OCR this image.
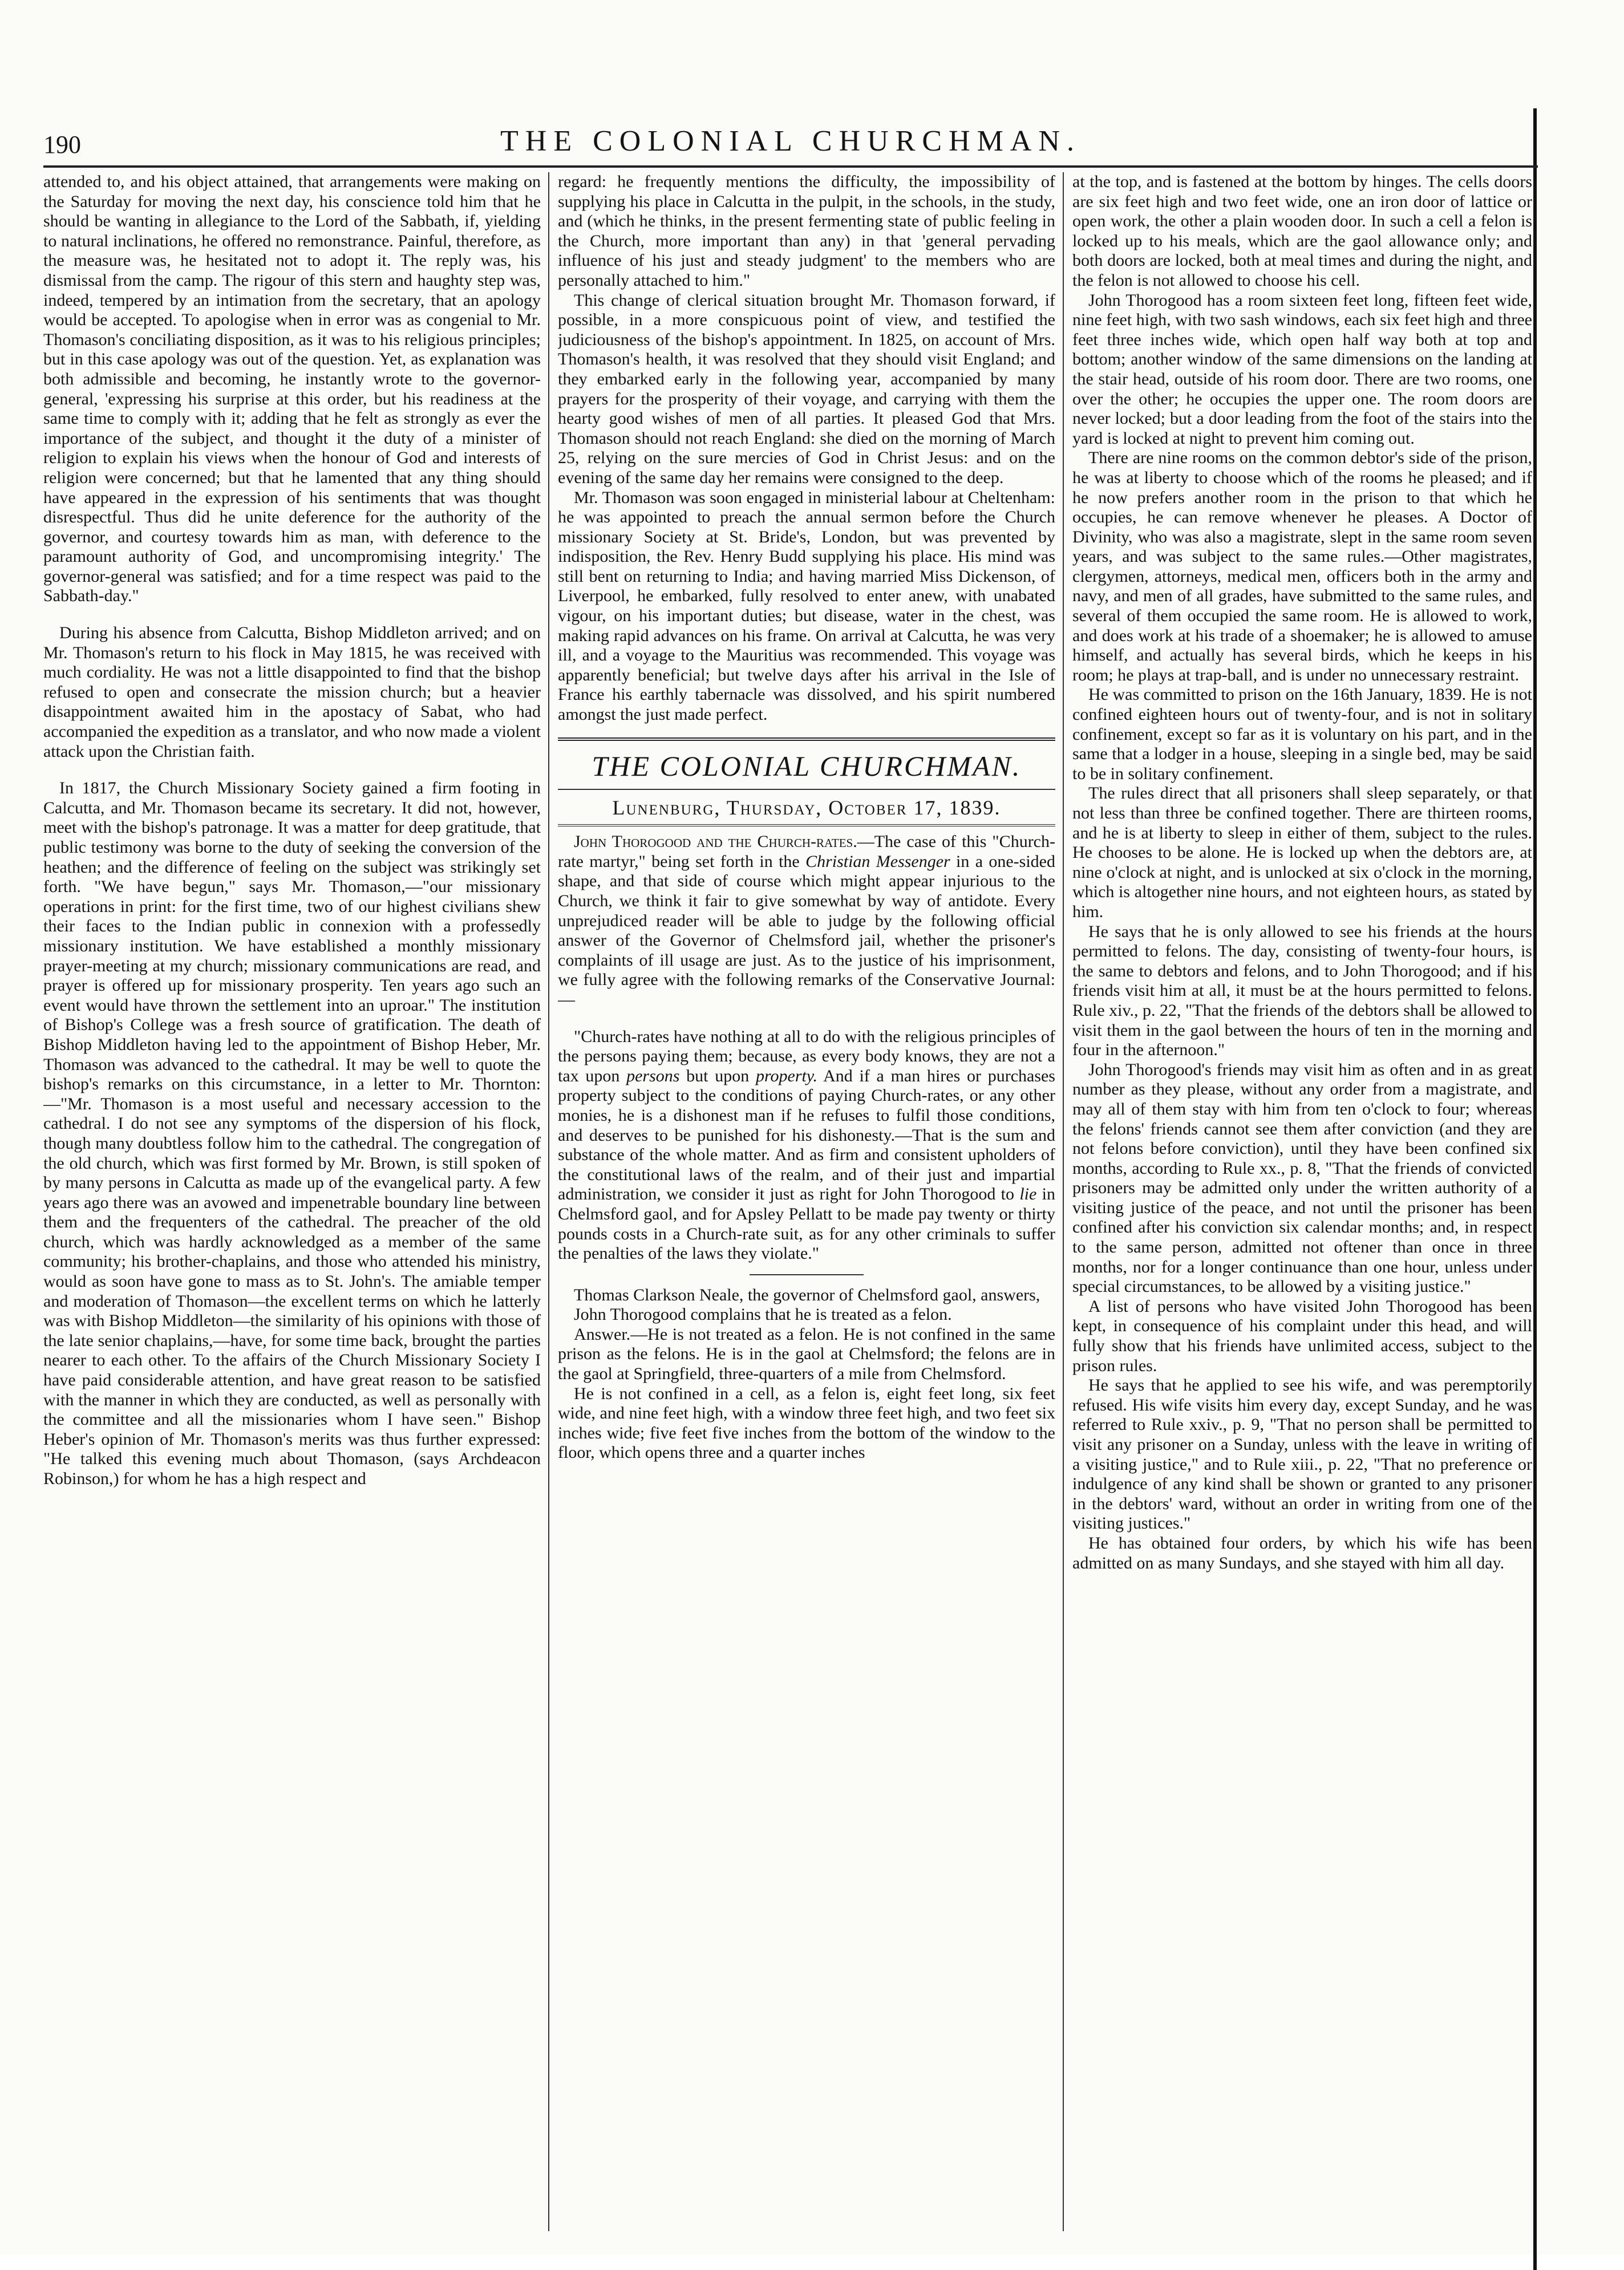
190	THE COLONIAL CHURCHMAN.

attended to, and his object attained, that arrangements were making on the Saturday for moving the next day, his conscience told him that he should be wanting in allegiance to the Lord of the Sabbath, if, yielding to natural inclinations, he offered no remonstrance. Painful, therefore, as the measure was, he hesitated not to adopt it. The reply was, his dismissal from the camp. The rigour of this stern and haughty step was, indeed, tempered by an intimation from the secretary, that an apology would be accepted. To apologise when in error was as congenial to Mr. Thomason's conciliating disposition, as it was to his religious principles; but in this case apology was out of the question. Yet, as explanation was both admissible and becoming, he instantly wrote to the governor-general, 'expressing his surprise at this order, but his readiness at the same time to comply with it; adding that he felt as strongly as ever the importance of the subject, and thought it the duty of a minister of religion to explain his views when the honour of God and interests of religion were concerned; but that he lamented that any thing should have appeared in the expression of his sentiments that was thought disrespectful. Thus did he unite deference for the authority of the governor, and courtesy towards him as man, with deference to the paramount authority of God, and uncompromising integrity.' The governor-general was satisfied; and for a time respect was paid to the Sabbath-day."

During his absence from Calcutta, Bishop Middleton arrived; and on Mr. Thomason's return to his flock in May 1815, he was received with much cordiality. He was not a little disappointed to find that the bishop refused to open and consecrate the mission church; but a heavier disappointment awaited him in the apostacy of Sabat, who had accompanied the expedition as a translator, and who now made a violent attack upon the Christian faith.

In 1817, the Church Missionary Society gained a firm footing in Calcutta, and Mr. Thomason became its secretary. It did not, however, meet with the bishop's patronage. It was a matter for deep gratitude, that public testimony was borne to the duty of seeking the conversion of the heathen; and the difference of feeling on the subject was strikingly set forth. "We have begun," says Mr. Thomason,—"our missionary operations in print: for the first time, two of our highest civilians shew their faces to the Indian public in connexion with a professedly missionary institution. We have established a monthly missionary prayer-meeting at my church; missionary communications are read, and prayer is offered up for missionary prosperity. Ten years ago such an event would have thrown the settlement into an uproar." The institution of Bishop's College was a fresh source of gratification. The death of Bishop Middleton having led to the appointment of Bishop Heber, Mr. Thomason was advanced to the cathedral. It may be well to quote the bishop's remarks on this circumstance, in a letter to Mr. Thornton:—"Mr. Thomason is a most useful and necessary accession to the cathedral. I do not see any symptoms of the dispersion of his flock, though many doubtless follow him to the cathedral. The congregation of the old church, which was first formed by Mr. Brown, is still spoken of by many persons in Calcutta as made up of the evangelical party. A few years ago there was an avowed and impenetrable boundary line between them and the frequenters of the cathedral. The preacher of the old church, which was hardly acknowledged as a member of the same community; his brother-chaplains, and those who attended his ministry, would as soon have gone to mass as to St. John's. The amiable temper and moderation of Thomason—the excellent terms on which he latterly was with Bishop Middleton—the similarity of his opinions with those of the late senior chaplains,—have, for some time back, brought the parties nearer to each other. To the affairs of the Church Missionary Society I have paid considerable attention, and have great reason to be satisfied with the manner in which they are conducted, as well as personally with the committee and all the missionaries whom I have seen." Bishop Heber's opinion of Mr. Thomason's merits was thus further expressed: "He talked this evening much about Thomason, (says Archdeacon Robinson,) for whom he has a high respect and

regard: he frequently mentions the difficulty, the impossibility of supplying his place in Calcutta in the pulpit, in the schools, in the study, and (which he thinks, in the present fermenting state of public feeling in the Church, more important than any) in that 'general pervading influence of his just and steady judgment' to the members who are personally attached to him."

This change of clerical situation brought Mr. Thomason forward, if possible, in a more conspicuous point of view, and testified the judiciousness of the bishop's appointment. In 1825, on account of Mrs. Thomason's health, it was resolved that they should visit England; and they embarked early in the following year, accompanied by many prayers for the prosperity of their voyage, and carrying with them the hearty good wishes of men of all parties. It pleased God that Mrs. Thomason should not reach England: she died on the morning of March 25, relying on the sure mercies of God in Christ Jesus: and on the evening of the same day her remains were consigned to the deep.

Mr. Thomason was soon engaged in ministerial labour at Cheltenham: he was appointed to preach the annual sermon before the Church missionary Society at St. Bride's, London, but was prevented by indisposition, the Rev. Henry Budd supplying his place. His mind was still bent on returning to India; and having married Miss Dickenson, of Liverpool, he embarked, fully resolved to enter anew, with unabated vigour, on his important duties; but disease, water in the chest, was making rapid advances on his frame. On arrival at Calcutta, he was very ill, and a voyage to the Mauritius was recommended. This voyage was apparently beneficial; but twelve days after his arrival in the Isle of France his earthly tabernacle was dissolved, and his spirit numbered amongst the just made perfect.

THE COLONIAL CHURCHMAN.
Lunenburg, Thursday, October 17, 1839.

John Thorogood and the Church-rates.—The case of this "Church-rate martyr," being set forth in the Christian Messenger in a one-sided shape, and that side of course which might appear injurious to the Church, we think it fair to give somewhat by way of antidote. Every unprejudiced reader will be able to judge by the following official answer of the Governor of Chelmsford jail, whether the prisoner's complaints of ill usage are just. As to the justice of his imprisonment, we fully agree with the following remarks of the Conservative Journal:—

"Church-rates have nothing at all to do with the religious principles of the persons paying them; because, as every body knows, they are not a tax upon persons but upon property. And if a man hires or purchases property subject to the conditions of paying Church-rates, or any other monies, he is a dishonest man if he refuses to fulfil those conditions, and deserves to be punished for his dishonesty.—That is the sum and substance of the whole matter. And as firm and consistent upholders of the constitutional laws of the realm, and of their just and impartial administration, we consider it just as right for John Thorogood to lie in Chelmsford gaol, and for Apsley Pellatt to be made pay twenty or thirty pounds costs in a Church-rate suit, as for any other criminals to suffer the penalties of the laws they violate."

Thomas Clarkson Neale, the governor of Chelmsford gaol, answers,

John Thorogood complains that he is treated as a felon.

Answer.—He is not treated as a felon. He is not confined in the same prison as the felons. He is in the gaol at Chelmsford; the felons are in the gaol at Springfield, three-quarters of a mile from Chelmsford.

He is not confined in a cell, as a felon is, eight feet long, six feet wide, and nine feet high, with a window three feet high, and two feet six inches wide; five feet five inches from the bottom of the window to the floor, which opens three and a quarter inches

at the top, and is fastened at the bottom by hinges. The cells doors are six feet high and two feet wide, one an iron door of lattice or open work, the other a plain wooden door. In such a cell a felon is locked up to his meals, which are the gaol allowance only; and both doors are locked, both at meal times and during the night, and the felon is not allowed to choose his cell.

John Thorogood has a room sixteen feet long, fifteen feet wide, nine feet high, with two sash windows, each six feet high and three feet three inches wide, which open half way both at top and bottom; another window of the same dimensions on the landing at the stair head, outside of his room door. There are two rooms, one over the other; he occupies the upper one. The room doors are never locked; but a door leading from the foot of the stairs into the yard is locked at night to prevent him coming out.

There are nine rooms on the common debtor's side of the prison, he was at liberty to choose which of the rooms he pleased; and if he now prefers another room in the prison to that which he occupies, he can remove whenever he pleases. A Doctor of Divinity, who was also a magistrate, slept in the same room seven years, and was subject to the same rules.—Other magistrates, clergymen, attorneys, medical men, officers both in the army and navy, and men of all grades, have submitted to the same rules, and several of them occupied the same room. He is allowed to work, and does work at his trade of a shoemaker; he is allowed to amuse himself, and actually has several birds, which he keeps in his room; he plays at trap-ball, and is under no unnecessary restraint.

He was committed to prison on the 16th January, 1839. He is not confined eighteen hours out of twenty-four, and is not in solitary confinement, except so far as it is voluntary on his part, and in the same that a lodger in a house, sleeping in a single bed, may be said to be in solitary confinement.

The rules direct that all prisoners shall sleep separately, or that not less than three be confined together. There are thirteen rooms, and he is at liberty to sleep in either of them, subject to the rules. He chooses to be alone. He is locked up when the debtors are, at nine o'clock at night, and is unlocked at six o'clock in the morning, which is altogether nine hours, and not eighteen hours, as stated by him.

He says that he is only allowed to see his friends at the hours permitted to felons. The day, consisting of twenty-four hours, is the same to debtors and felons, and to John Thorogood; and if his friends visit him at all, it must be at the hours permitted to felons. Rule xiv., p. 22, "That the friends of the debtors shall be allowed to visit them in the gaol between the hours of ten in the morning and four in the afternoon."

John Thorogood's friends may visit him as often and in as great number as they please, without any order from a magistrate, and may all of them stay with him from ten o'clock to four; whereas the felons' friends cannot see them after conviction (and they are not felons before conviction), until they have been confined six months, according to Rule xx., p. 8, "That the friends of convicted prisoners may be admitted only under the written authority of a visiting justice of the peace, and not until the prisoner has been confined after his conviction six calendar months; and, in respect to the same person, admitted not oftener than once in three months, nor for a longer continuance than one hour, unless under special circumstances, to be allowed by a visiting justice."

A list of persons who have visited John Thorogood has been kept, in consequence of his complaint under this head, and will fully show that his friends have unlimited access, subject to the prison rules.

He says that he applied to see his wife, and was peremptorily refused. His wife visits him every day, except Sunday, and he was referred to Rule xxiv., p. 9, "That no person shall be permitted to visit any prisoner on a Sunday, unless with the leave in writing of a visiting justice," and to Rule xiii., p. 22, "That no preference or indulgence of any kind shall be shown or granted to any prisoner in the debtors' ward, without an order in writing from one of the visiting justices."

He has obtained four orders, by which his wife has been admitted on as many Sundays, and she stayed with him all day.
